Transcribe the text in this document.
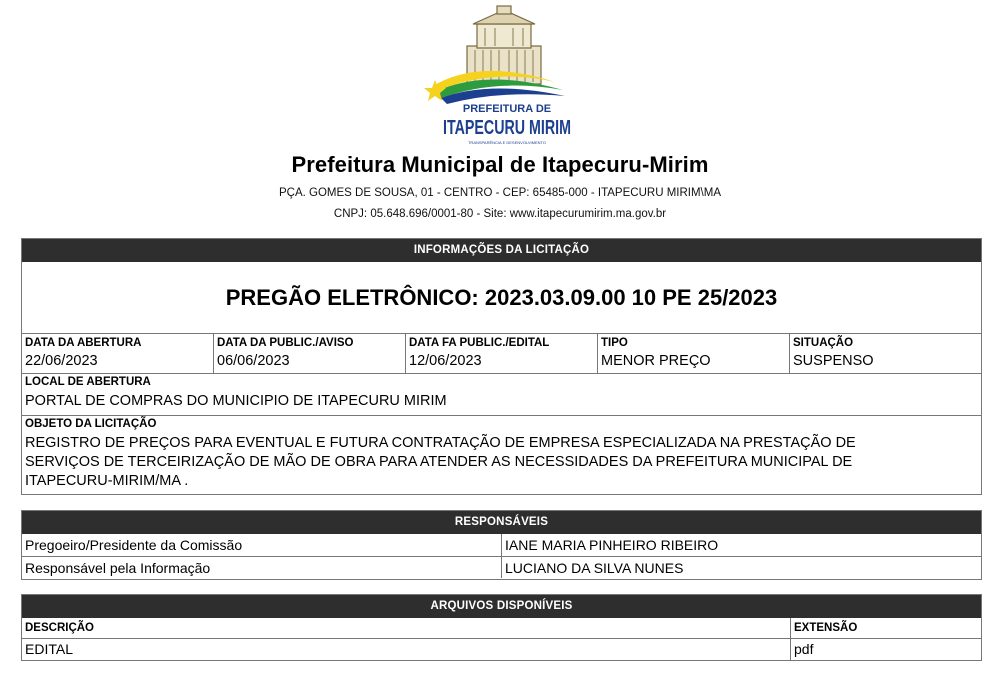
PREFEITURA DE
ITAPECURU MIRIM
TRANSPARÊNCIA E DESENVOLVIMENTO
Prefeitura Municipal de Itapecuru-Mirim
PÇA. GOMES DE SOUSA, 01 - CENTRO - CEP: 65485-000 - ITAPECURU MIRIM\MA
CNPJ: 05.648.696/0001-80 - Site: www.itapecurumirim.ma.gov.br
INFORMAÇÕES DA LICITAÇÃO
PREGÃO ELETRÔNICO: 2023.03.09.00 10 PE 25/2023
DATA DA ABERTURA
22/06/2023
DATA DA PUBLIC./AVISO
06/06/2023
DATA FA PUBLIC./EDITAL
12/06/2023
TIPO
MENOR PREÇO
SITUAÇÃO
SUSPENSO
LOCAL DE ABERTURA
PORTAL DE COMPRAS DO MUNICIPIO DE ITAPECURU MIRIM
OBJETO DA LICITAÇÃO
REGISTRO DE PREÇOS PARA EVENTUAL E FUTURA CONTRATAÇÃO DE EMPRESA ESPECIALIZADA NA PRESTAÇÃO DE
SERVIÇOS DE TERCEIRIZAÇÃO DE MÃO DE OBRA PARA ATENDER AS NECESSIDADES DA PREFEITURA MUNICIPAL DE
ITAPECURU-MIRIM/MA .
RESPONSÁVEIS
Pregoeiro/Presidente da Comissão	IANE MARIA PINHEIRO RIBEIRO
Responsável pela Informação	LUCIANO DA SILVA NUNES
ARQUIVOS DISPONÍVEIS
DESCRIÇÃO	EXTENSÃO
EDITAL	pdf
